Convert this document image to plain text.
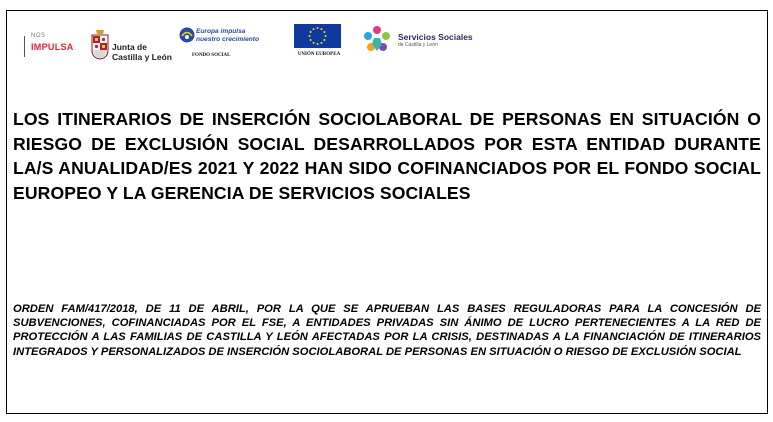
NOS
IMPULSA	Junta de
Castilla y León
Europa impulsa
nuestro crecimiento
FONDO SOCIAL	UNIÓN EUROPEA
Servicios Sociales
de Castilla y León

LOS ITINERARIOS DE INSERCIÓN SOCIOLABORAL DE PERSONAS EN SITUACIÓN O RIESGO DE EXCLUSIÓN SOCIAL DESARROLLADOS POR ESTA ENTIDAD DURANTE LA/S ANUALIDAD/ES 2021 Y 2022 HAN SIDO COFINANCIADOS POR EL FONDO SOCIAL EUROPEO Y LA GERENCIA DE SERVICIOS SOCIALES

ORDEN FAM/417/2018, DE 11 DE ABRIL, POR LA QUE SE APRUEBAN LAS BASES REGULADORAS PARA LA CONCESIÓN DE SUBVENCIONES, COFINANCIADAS POR EL FSE, A ENTIDADES PRIVADAS SIN ÁNIMO DE LUCRO PERTENECIENTES A LA RED DE PROTECCIÓN A LAS FAMILIAS DE CASTILLA Y LEÓN AFECTADAS POR LA CRISIS, DESTINADAS A LA FINANCIACIÓN DE ITINERARIOS INTEGRADOS Y PERSONALIZADOS DE INSERCIÓN SOCIOLABORAL DE PERSONAS EN SITUACIÓN O RIESGO DE EXCLUSIÓN SOCIAL
